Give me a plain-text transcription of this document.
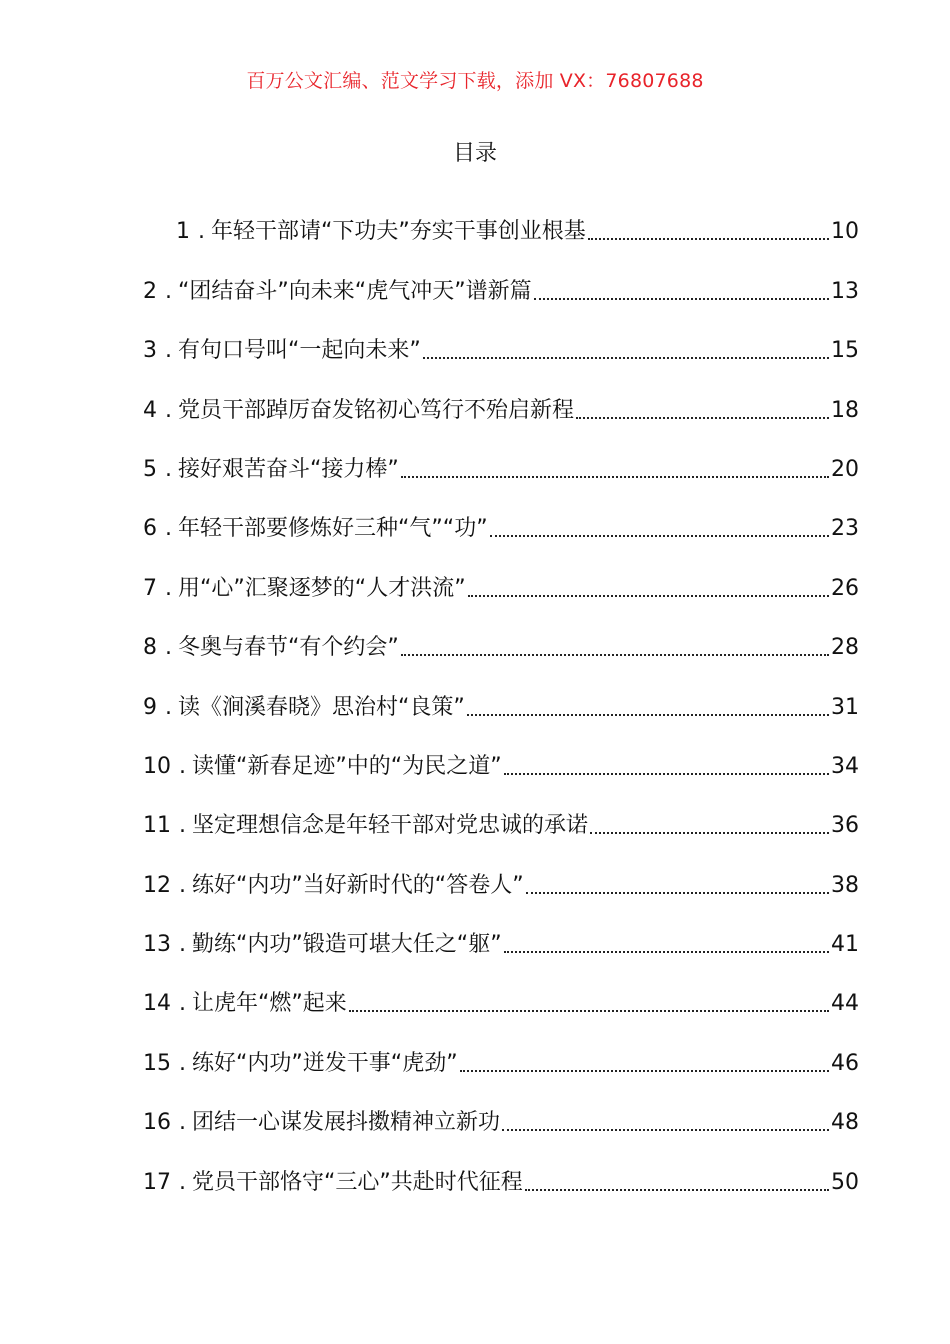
百万公文汇编、范文学习下载，添加 VX：76807688
目录
1 . 年轻干部请“下功夫”夯实干事创业根基	10
2 . “团结奋斗”向未来“虎气冲天”谱新篇	13
3 . 有句口号叫“一起向未来”	15
4 . 党员干部踔厉奋发铭初心笃行不殆启新程	18
5 . 接好艰苦奋斗“接力棒”	20
6 . 年轻干部要修炼好三种“气”“功”	23
7 . 用“心”汇聚逐梦的“人才洪流”	26
8 . 冬奥与春节“有个约会”	28
9 . 读《涧溪春晓》思治村“良策”	31
10 . 读懂“新春足迹”中的“为民之道”	34
11 . 坚定理想信念是年轻干部对党忠诚的承诺	36
12 . 练好“内功”当好新时代的“答卷人”	38
13 . 勤练“内功”锻造可堪大任之“躯”	41
14 . 让虎年“燃”起来	44
15 . 练好“内功”迸发干事“虎劲”	46
16 . 团结一心谋发展抖擞精神立新功	48
17 . 党员干部恪守“三心”共赴时代征程	50
